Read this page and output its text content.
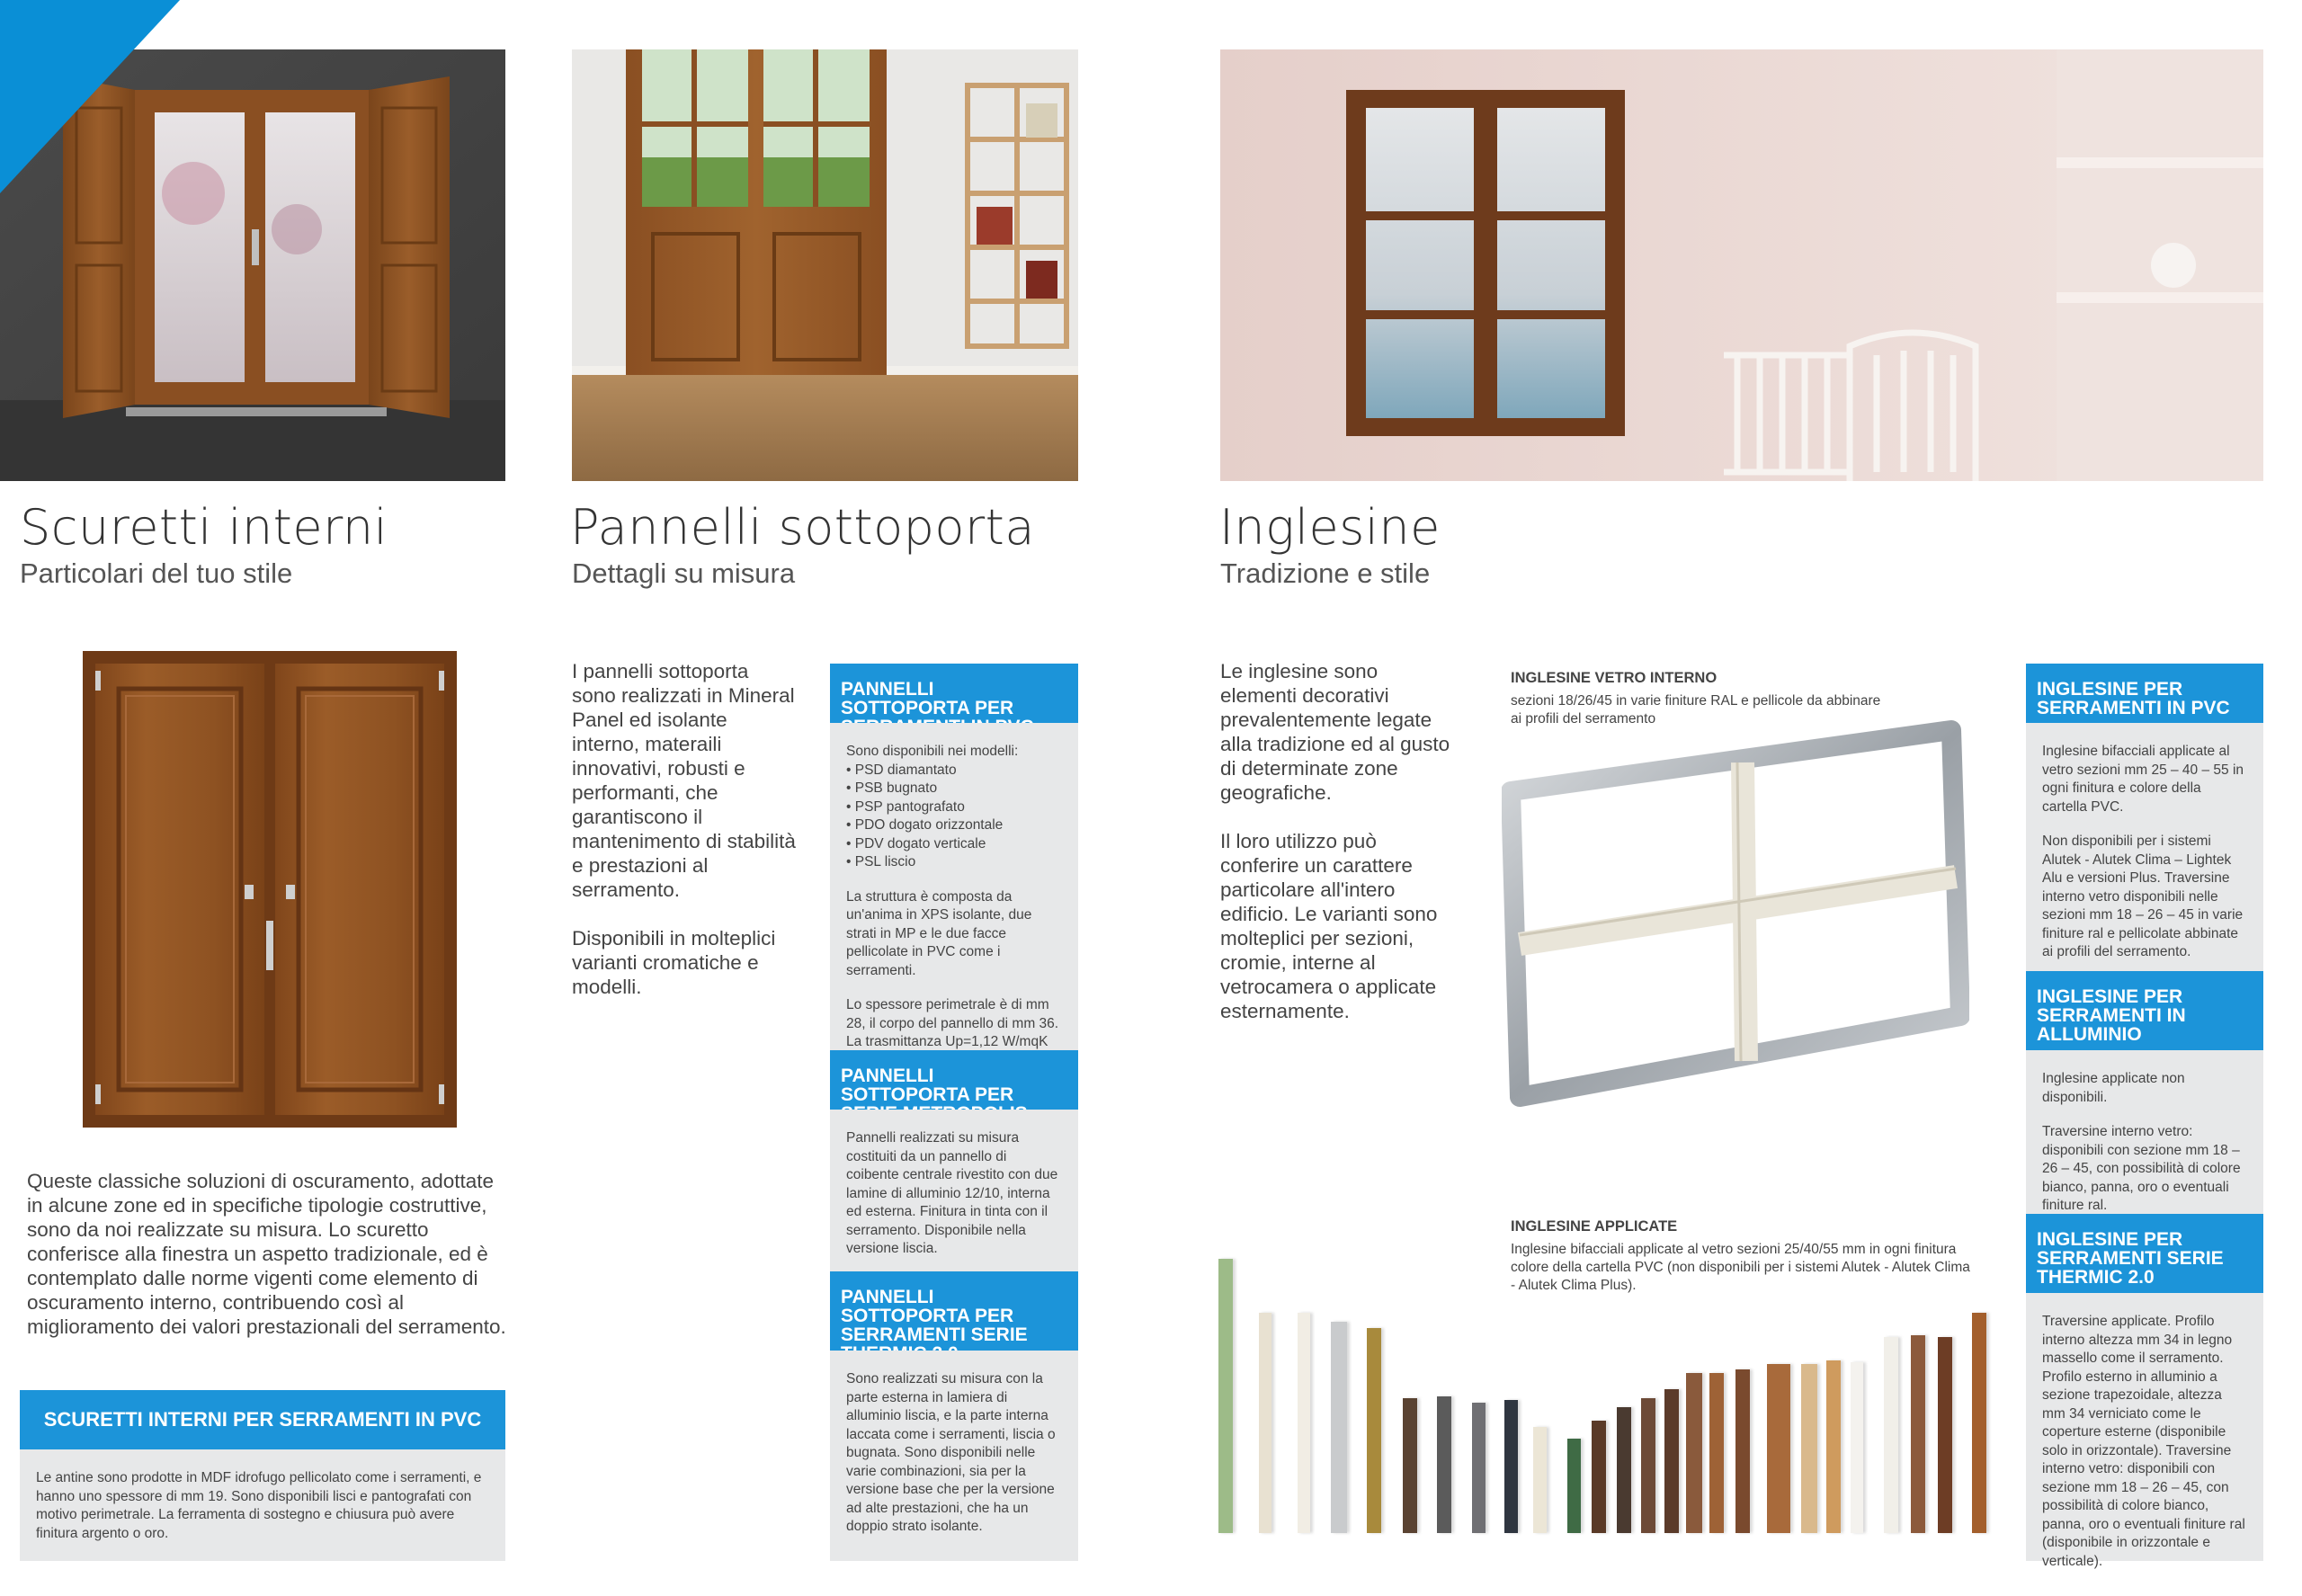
Scuretti interni
Particolari del tuo stile
Pannelli sottoporta
Dettagli su misura
Inglesine
Tradizione e stile
Queste classiche soluzioni di oscuramento, adottate in alcune zone ed in specifiche tipologie costruttive, sono da noi realizzate su misura. Lo scuretto conferisce alla finestra un aspetto tradizionale, ed è contemplato dalle norme vigenti come elemento di oscuramento interno, contribuendo così al miglioramento dei valori prestazionali del serramento.
SCURETTI INTERNI PER SERRAMENTI IN PVC
Le antine sono prodotte in MDF idrofugo pellicolato come i serramenti, e hanno uno spessore di mm 19. Sono disponibili lisci e pantografati con motivo perimetrale. La ferramenta di sostegno e chiusura può avere finitura argento o oro.

I pannelli sottoporta sono realizzati in Mineral Panel ed isolante interno, materaili innovativi, robusti e performanti, che garantiscono il mantenimento di stabilità e prestazioni al serramento.

Disponibili in molteplici varianti cromatiche e modelli.

PANNELLI SOTTOPORTA PER

Sono disponibili nei modelli:

• PSD diamantato
• PSB bugnato
• PSP pantografato
• PDO dogato orizzontale
• PDV dogato verticale
• PSL liscio

La struttura è composta da un'anima in XPS isolante, due strati in MP e le due facce pellicolate in PVC come i serramenti.

Lo spessore perimetrale è di mm 28, il corpo del pannello di mm 36. La trasmittanza Up=1,12 W/mqK

PANNELLI SOTTOPORTA PER
Pannelli realizzati su misura costituiti da un pannello di coibente centrale rivestito con due lamine di alluminio 12/10, interna ed esterna. Finitura in tinta con il serramento. Disponibile nella versione liscia.
PANNELLI SOTTOPORTA PER SERRAMENTI SERIE
Sono realizzati su misura con la parte esterna in lamiera di alluminio liscia, e la parte interna laccata come i serramenti, liscia o bugnata. Sono disponibili nelle varie combinazioni, sia per la versione base che per la versione ad alte prestazioni, che ha un doppio strato isolante.

Le inglesine sono elementi decorativi prevalentemente legate alla tradizione ed al gusto di determinate zone geografiche.

Il loro utilizzo può conferire un carattere particolare all'intero edificio. Le varianti sono molteplici per sezioni, cromie, interne al vetrocamera o applicate esternamente.

INGLESINE VETRO INTERNO
sezioni 18/26/45 in varie finiture RAL e pellicole da abbinare ai profili del serramento
INGLESINE APPLICATE
Inglesine bifacciali applicate al vetro sezioni 25/40/55 mm in ogni finitura colore della cartella PVC (non disponibili per i sistemi Alutek - Alutek Clima - Alutek Clima Plus).
INGLESINE PER SERRAMENTI IN PVC

Inglesine bifacciali applicate al vetro sezioni mm 25 – 40 – 55 in ogni finitura e colore della cartella PVC.

Non disponibili per i sistemi Alutek - Alutek Clima – Lightek Alu e versioni Plus. Traversine interno vetro disponibili nelle sezioni mm 18 – 26 – 45 in varie finiture ral e pellicolate abbinate ai profili del serramento.

INGLESINE PER SERRAMENTI IN ALLUMINIO

Inglesine applicate non disponibili.

Traversine interno vetro: disponibili con sezione mm 18 – 26 – 45, con possibilità di colore bianco, panna, oro o eventuali finiture ral.

INGLESINE PER SERRAMENTI SERIE THERMIC 2.0
Traversine applicate. Profilo interno altezza mm 34 in legno massello come il serramento. Profilo esterno in alluminio a sezione trapezoidale, altezza mm 34 verniciato come le coperture esterne (disponibile solo in orizzontale). Traversine interno vetro: disponibili con sezione mm 18 – 26 – 45, con possibilità di colore bianco, panna, oro o eventuali finiture ral (disponibile in orizzontale e verticale).
